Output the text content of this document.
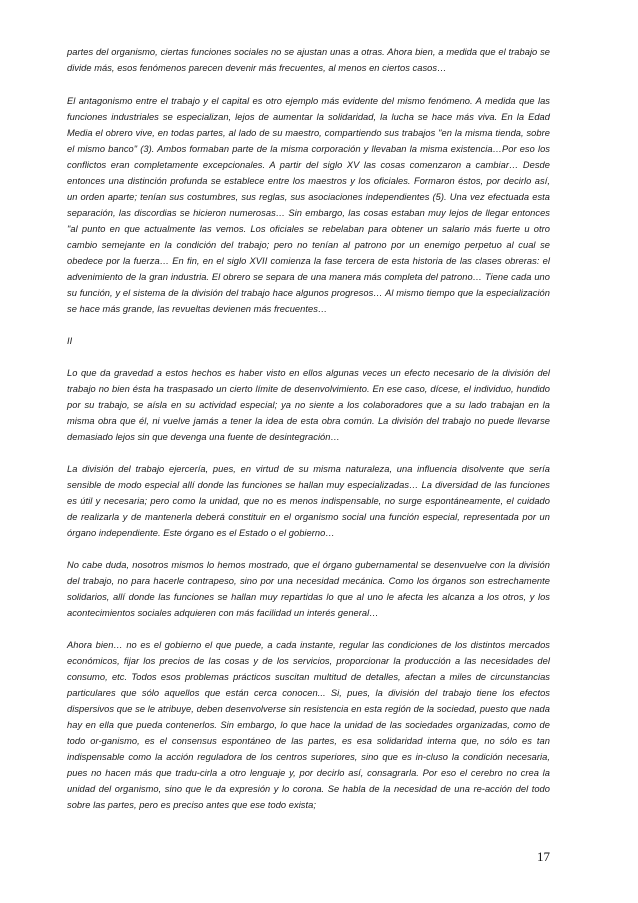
partes del organismo, ciertas funciones sociales no se ajustan unas a otras. Ahora bien, a medida que el trabajo se divide más, esos fenómenos parecen devenir más frecuentes, al menos en ciertos casos…

El antagonismo entre el trabajo y el capital es otro ejemplo más evidente del mismo fenómeno. A medida que las funciones industriales se especializan, lejos de aumentar la solidaridad, la lucha se hace más viva. En la Edad Media el obrero vive, en todas partes, al lado de su maestro, compartiendo sus trabajos "en la misma tienda, sobre el mismo banco" (3). Ambos formaban parte de la misma corporación y llevaban la misma existencia…Por eso los conflictos eran completamente excepcionales. A partir del siglo XV las cosas comenzaron a cambiar… Desde entonces una distinción profunda se establece entre los maestros y los oficiales. Formaron éstos, por decirlo así, un orden aparte; tenían sus costumbres, sus reglas, sus asociaciones independientes (5). Una vez efectuada esta separación, las discordias se hicieron numerosas… Sin embargo, las cosas estaban muy lejos de llegar entonces "al punto en que actualmente las vemos. Los oficiales se rebelaban para obtener un salario más fuerte u otro cambio semejante en la condición del trabajo; pero no tenían al patrono por un enemigo perpetuo al cual se obedece por la fuerza… En fin, en el siglo XVII comienza la fase tercera de esta historia de las clases obreras: el advenimiento de la gran industria. El obrero se separa de una manera más completa del patrono… Tiene cada uno su función, y el sistema de la división del trabajo hace algunos progresos… Al mismo tiempo que la especialización se hace más grande, las revueltas devienen más frecuentes…

II

Lo que da gravedad a estos hechos es haber visto en ellos algunas veces un efecto necesario de la división del trabajo no bien ésta ha traspasado un cierto límite de desenvolvimiento. En ese caso, dícese, el individuo, hundido por su trabajo, se aísla en su actividad especial; ya no siente a los colaboradores que a su lado trabajan en la misma obra que él, ni vuelve jamás a tener la idea de esta obra común. La división del trabajo no puede llevarse demasiado lejos sin que devenga una fuente de desintegración…

La división del trabajo ejercería, pues, en virtud de su misma naturaleza, una influencia disolvente que sería sensible de modo especial allí donde las funciones se hallan muy especializadas… La diversidad de las funciones es útil y necesaria; pero como la unidad, que no es menos indispensable, no surge espontáneamente, el cuidado de realizarla y de mantenerla deberá constituir en el organismo social una función especial, representada por un órgano independiente. Este órgano es el Estado o el gobierno…

No cabe duda, nosotros mismos lo hemos mostrado, que el órgano gubernamental se desenvuelve con la división del trabajo, no para hacerle contrapeso, sino por una necesidad mecánica. Como los órganos son estrechamente solidarios, allí donde las funciones se hallan muy repartidas lo que al uno le afecta les alcanza a los otros, y los acontecimientos sociales adquieren con más facilidad un interés general…

Ahora bien… no es el gobierno el que puede, a cada instante, regular las condiciones de los distintos mercados económicos, fijar los precios de las cosas y de los servicios, proporcionar la producción a las necesidades del consumo, etc. Todos esos problemas prácticos suscitan multitud de detalles, afectan a miles de circunstancias particulares que sólo aquellos que están cerca conocen... Si, pues, la división del trabajo tiene los efectos dispersivos que se le atribuye, deben desenvolverse sin resistencia en esta región de la sociedad, puesto que nada hay en ella que pueda contenerlos. Sin embargo, lo que hace la unidad de las sociedades organizadas, como de todo or-ganismo, es el consensus espontáneo de las partes, es esa solidaridad interna que, no sólo es tan indispensable como la acción reguladora de los centros superiores, sino que es in-cluso la condición necesaria, pues no hacen más que tradu-cirla a otro lenguaje y, por decirlo así, consagrarla. Por eso el cerebro no crea la unidad del organismo, sino que le da expresión y lo corona. Se habla de la necesidad de una re-acción del todo sobre las partes, pero es preciso antes que ese todo exista;

17
